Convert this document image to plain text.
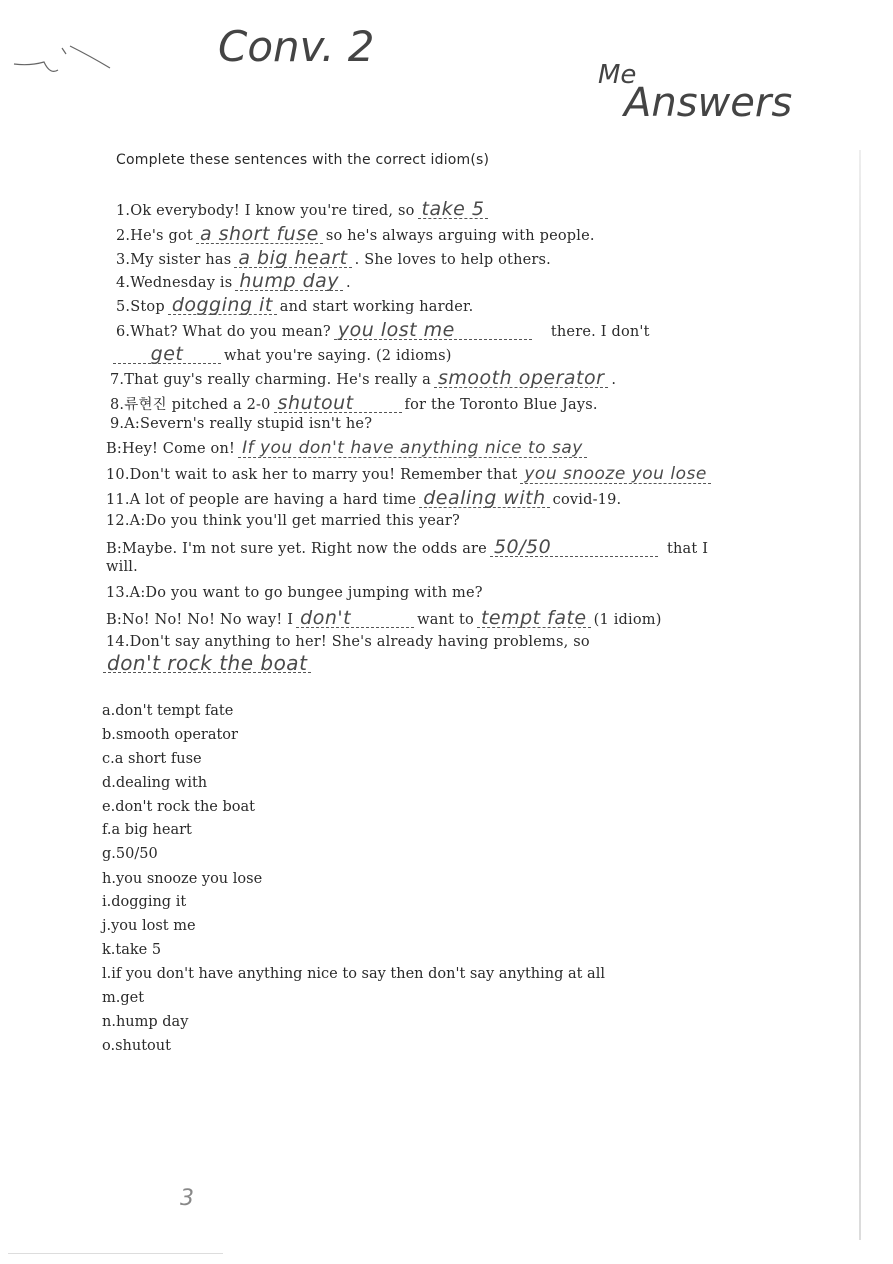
Conv. 2
Me
Answers
Complete these sentences with the correct idiom(s)
1.Ok everybody! I know you're tired, so take 5
2.He's got a short fuse so he's always arguing with people.
3.My sister has a big heart . She loves to help others.
4.Wednesday is hump day .
5.Stop dogging it and start working harder.
6.What? What do you mean? you lost me	there. I don't
get	what you're saying. (2 idioms)
7.That guy's really charming. He's really a smooth operator .
8.류현진 pitched a 2-0 shutout	for the Toronto Blue Jays.
9.A:Severn's really stupid isn't he?
B:Hey! Come on! If you don't have anything nice to say
10.Don't wait to ask her to marry you! Remember that you snooze you lose
11.A lot of people are having a hard time dealing with covid-19.
12.A:Do you think you'll get married this year?
B:Maybe. I'm not sure yet. Right now the odds are 50/50	that I
will.
13.A:Do you want to go bungee jumping with me?
B:No! No! No! No way! I don't	want to tempt fate (1 idiom)
14.Don't say anything to her! She's already having problems, so
don't rock the boat
a.don't tempt fate
b.smooth operator
c.a short fuse
d.dealing with
e.don't rock the boat
f.a big heart
g.50/50
h.you snooze you lose
i.dogging it
j.you lost me
k.take 5
l.if you don't have anything nice to say then don't say anything at all
m.get
n.hump day
o.shutout
3
